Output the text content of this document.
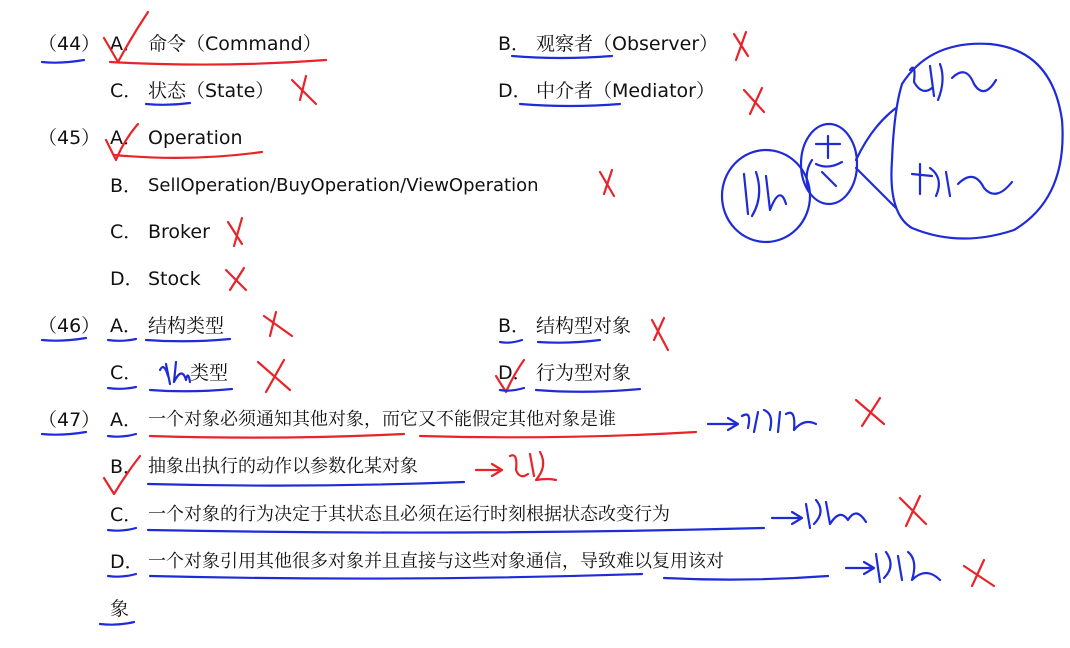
（44） A． 命令（Command）	B． 观察者（Observer）
C． 状态（State）	D． 中介者（Mediator）
（45） A． Operation
B． SellOperation/BuyOperation/ViewOperation
C． Broker
D． Stock
（46） A． 结构类型	B． 结构型对象
C．	类型	D． 行为型对象
（47） A． 一个对象必须通知其他对象，而它又不能假定其他对象是谁
B． 抽象出执行的动作以参数化某对象
C． 一个对象的行为决定于其状态且必须在运行时刻根据状态改变行为
D． 一个对象引用其他很多对象并且直接与这些对象通信，导致难以复用该对
象
